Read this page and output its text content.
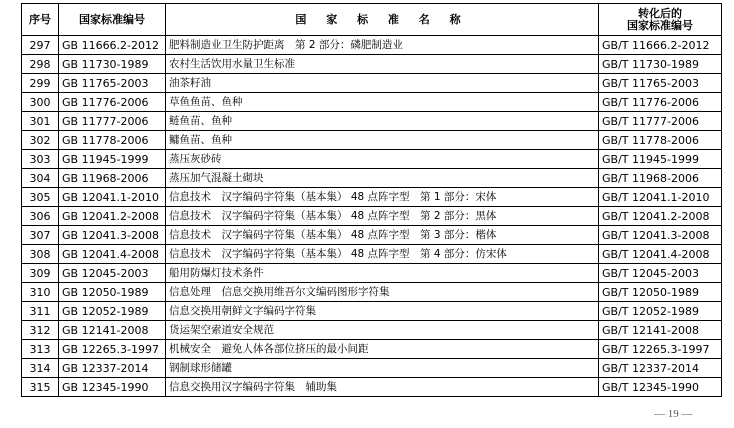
序号	国家标准编号	国 家 标 准 名 称	转化后的
国家标准编号

297	GB 11666.2-2012	肥料制造业卫生防护距离　第 2 部分：磷肥制造业	GB/T 11666.2-2012
298	GB 11730-1989	农村生活饮用水量卫生标准	GB/T 11730-1989
299	GB 11765-2003	油茶籽油	GB/T 11765-2003
300	GB 11776-2006	草鱼鱼苗、鱼种	GB/T 11776-2006
301	GB 11777-2006	鲢鱼苗、鱼种	GB/T 11777-2006
302	GB 11778-2006	鳙鱼苗、鱼种	GB/T 11778-2006
303	GB 11945-1999	蒸压灰砂砖	GB/T 11945-1999
304	GB 11968-2006	蒸压加气混凝土砌块	GB/T 11968-2006
305	GB 12041.1-2010	信息技术　汉字编码字符集（基本集） 48 点阵字型　第 1 部分：宋体	GB/T 12041.1-2010
306	GB 12041.2-2008	信息技术　汉字编码字符集（基本集） 48 点阵字型　第 2 部分：黑体	GB/T 12041.2-2008
307	GB 12041.3-2008	信息技术　汉字编码字符集（基本集） 48 点阵字型　第 3 部分：楷体	GB/T 12041.3-2008
308	GB 12041.4-2008	信息技术　汉字编码字符集（基本集） 48 点阵字型　第 4 部分：仿宋体	GB/T 12041.4-2008
309	GB 12045-2003	船用防爆灯技术条件	GB/T 12045-2003
310	GB 12050-1989	信息处理　信息交换用维吾尔文编码图形字符集	GB/T 12050-1989
311	GB 12052-1989	信息交换用朝鲜文字编码字符集	GB/T 12052-1989
312	GB 12141-2008	货运架空索道安全规范	GB/T 12141-2008
313	GB 12265.3-1997	机械安全　避免人体各部位挤压的最小间距	GB/T 12265.3-1997
314	GB 12337-2014	钢制球形储罐	GB/T 12337-2014
315	GB 12345-1990	信息交换用汉字编码字符集　辅助集	GB/T 12345-1990
— 19 —
